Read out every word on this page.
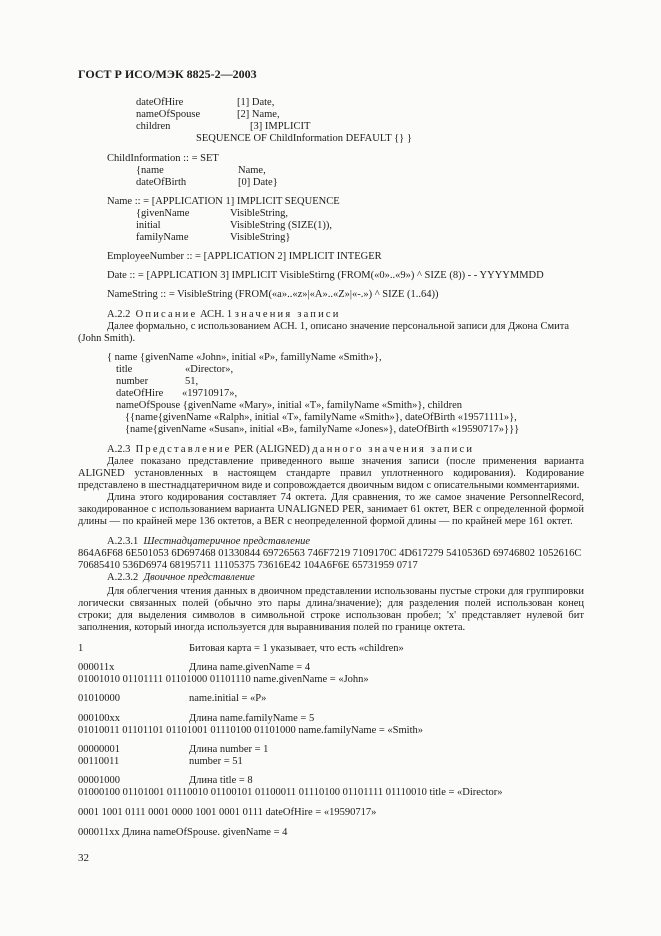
ГОСТ Р ИСО/МЭК 8825-2—2003
dateOfHire	[1] Date,
nameOfSpouse	[2] Name,
children	[3] IMPLICIT
SEQUENCE OF ChildInformation DEFAULT {} }
ChildInformation :: = SET
{name	Name,
dateOfBirth	[0] Date}
Name :: = [APPLICATION 1] IMPLICIT SEQUENCE
{givenName	VisibleString,
initial	VisibleString (SIZE(1)),
familyName	VisibleString}
EmployeeNumber :: = [APPLICATION 2] IMPLICIT INTEGER
Date :: = [APPLICATION 3] IMPLICIT VisibleStirng (FROM(«0»..«9») ^ SIZE (8)) - - YYYYMMDD
NameString :: = VisibleString (FROM(«a»..«z»|«A»..«Z»|«-.») ^ SIZE (1..64))
A.2.2  Описание АСН. 1 значения записи
Далее формально, с использованием АСН. 1, описано значение персональной записи для Джона Смита
(John Smith).
{ name {givenName «John», initial «P», famillyName «Smith»},
title	«Director»,
number	51,
dateOfHire «19710917»,
nameOfSpouse {givenName «Mary», initial «T», familyName «Smith»}, children
{{name{givenName «Ralph», initial «T», familyName «Smith»}, dateOfBirth «19571111»},
{name{givenName «Susan», initial «B», familyName «Jones»}, dateOfBirth «19590717»}}}
A.2.3  Представление PER (ALIGNED) данного значения записи
Далее показано представление приведенного выше значения записи (после применения варианта ALIGNED установленных в настоящем стандарте правил уплотненного кодирования). Кодирование представлено в шестнадцатеричном виде и сопровождается двоичным видом с описательными комментариями.
Длина этого кодирования составляет 74 октета. Для сравнения, то же самое значение PersonnelRecord, закодированное с использованием варианта UNALIGNED PER, занимает 61 октет, BER с определенной формой длины — по крайней мере 136 октетов, а BER с неопределенной формой длины — по крайней мере 161 октет.
A.2.3.1 Шестнадцатеричное представление
864A6F68 6E501053 6D697468 01330844 69726563 746F7219 7109170C 4D617279 5410536D 69746802 1052616C
70685410 536D6974 68195711 11105375 73616E42 104A6F6E 65731959 0717
A.2.3.2 Двоичное представление
Для облегчения чтения данных в двоичном представлении использованы пустые строки для группировки логически связанных полей (обычно это пары длина/значение); для разделения полей использован конец строки; для выделения символов в символьной строке использован пробел; 'x' представляет нулевой бит заполнения, который иногда используется для выравнивания полей по границе октета.
1	Битовая карта = 1 указывает, что есть «children»
000011x	Длина name.givenName = 4
01001010 01101111 01101000 01101110 name.givenName = «John»
01010000	name.initial = «P»
000100xx	Длина name.familyName = 5
01010011 01101101 01101001 01110100 01101000 name.familyName = «Smith»
00000001	Длина number = 1
00110011	number = 51
00001000	Длина title = 8
01000100 01101001 01110010 01100101 01100011 01110100 01101111 01110010 title = «Director»
0001 1001 0111 0001 0000 1001 0001 0111 dateOfHire = «19590717»
000011xx Длина nameOfSpouse. givenName = 4
32
